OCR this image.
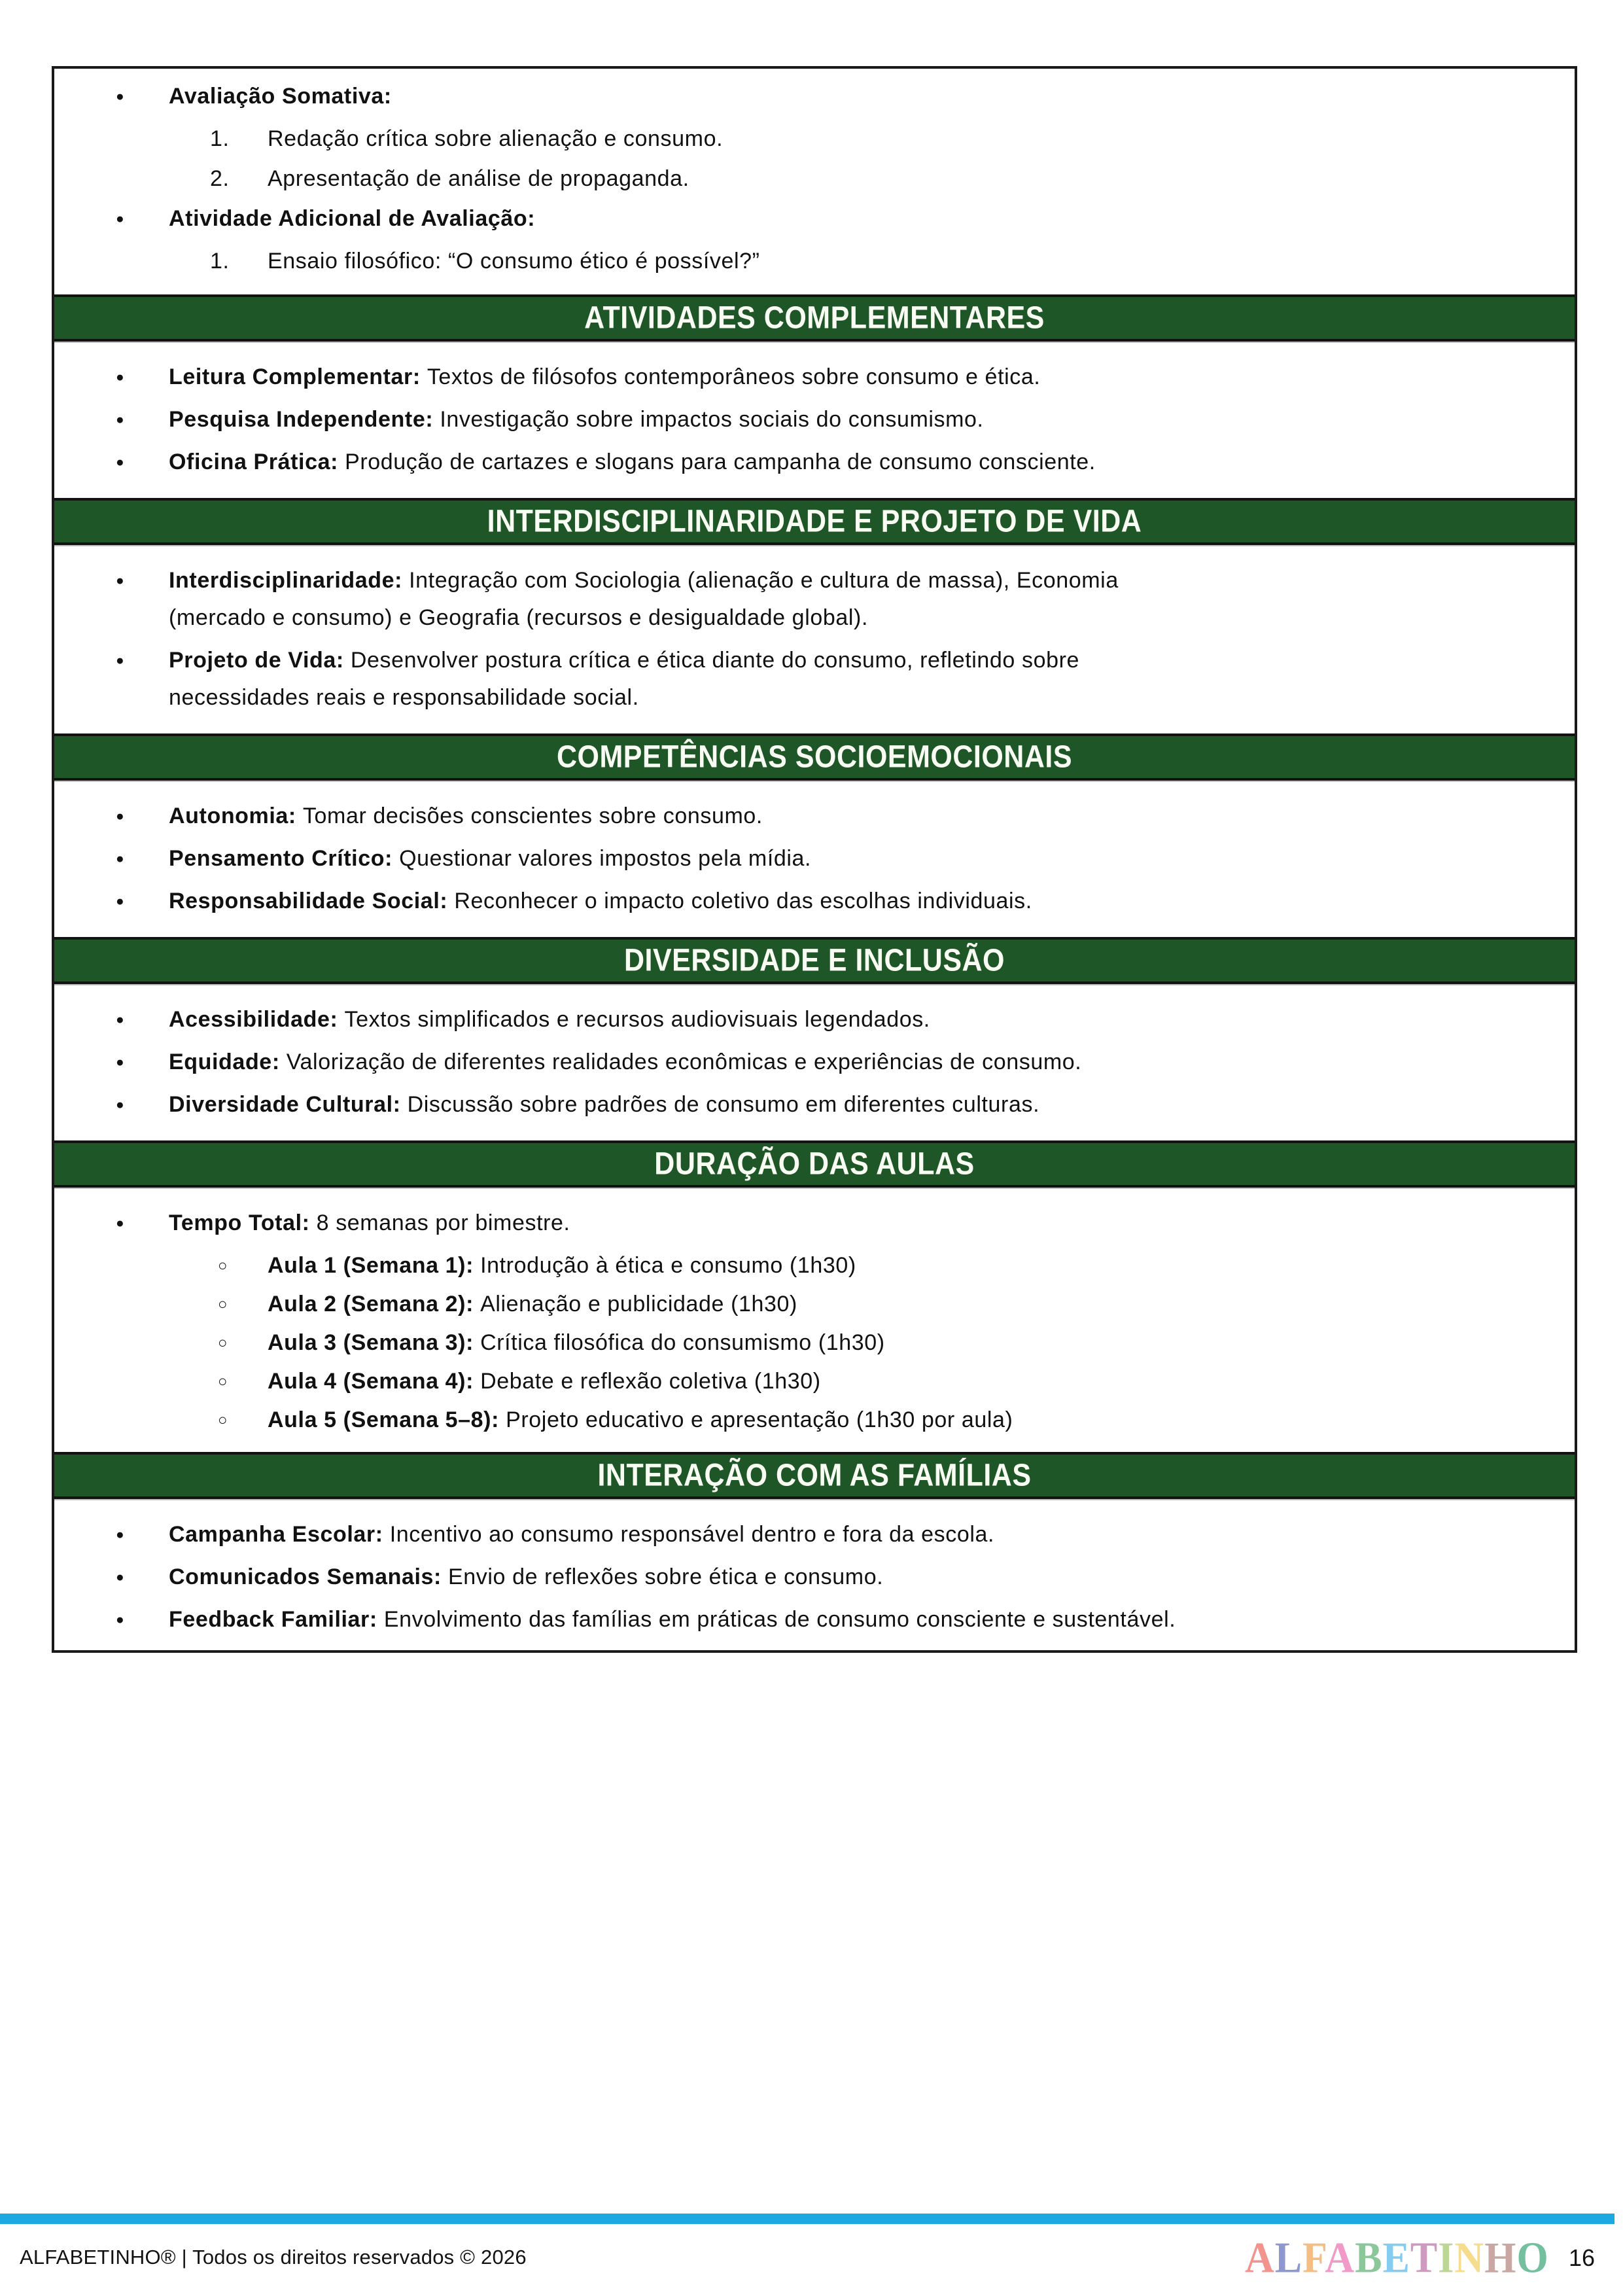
●	Avaliação Somativa:
1.	Redação crítica sobre alienação e consumo.
2.	Apresentação de análise de propaganda.
●	Atividade Adicional de Avaliação:
1.	Ensaio filosófico: “O consumo ético é possível?”
ATIVIDADES COMPLEMENTARES
●	Leitura Complementar: Textos de filósofos contemporâneos sobre consumo e ética.
●	Pesquisa Independente: Investigação sobre impactos sociais do consumismo.
●	Oficina Prática: Produção de cartazes e slogans para campanha de consumo consciente.
INTERDISCIPLINARIDADE E PROJETO DE VIDA
●	Interdisciplinaridade: Integração com Sociologia (alienação e cultura de massa), Economia
(mercado e consumo) e Geografia (recursos e desigualdade global).
●	Projeto de Vida: Desenvolver postura crítica e ética diante do consumo, refletindo sobre
necessidades reais e responsabilidade social.
COMPETÊNCIAS SOCIOEMOCIONAIS
●	Autonomia: Tomar decisões conscientes sobre consumo.
●	Pensamento Crítico: Questionar valores impostos pela mídia.
●	Responsabilidade Social: Reconhecer o impacto coletivo das escolhas individuais.
DIVERSIDADE E INCLUSÃO
●	Acessibilidade: Textos simplificados e recursos audiovisuais legendados.
●	Equidade: Valorização de diferentes realidades econômicas e experiências de consumo.
●	Diversidade Cultural: Discussão sobre padrões de consumo em diferentes culturas.
DURAÇÃO DAS AULAS
●	Tempo Total: 8 semanas por bimestre.
○	Aula 1 (Semana 1): Introdução à ética e consumo (1h30)
○	Aula 2 (Semana 2): Alienação e publicidade (1h30)
○	Aula 3 (Semana 3): Crítica filosófica do consumismo (1h30)
○	Aula 4 (Semana 4): Debate e reflexão coletiva (1h30)
○	Aula 5 (Semana 5–8): Projeto educativo e apresentação (1h30 por aula)
INTERAÇÃO COM AS FAMÍLIAS
●	Campanha Escolar: Incentivo ao consumo responsável dentro e fora da escola.
●	Comunicados Semanais: Envio de reflexões sobre ética e consumo.
●	Feedback Familiar: Envolvimento das famílias em práticas de consumo consciente e sustentável.
ALFABETINHO® | Todos os direitos reservados © 2026	ALFABETINHO 16
